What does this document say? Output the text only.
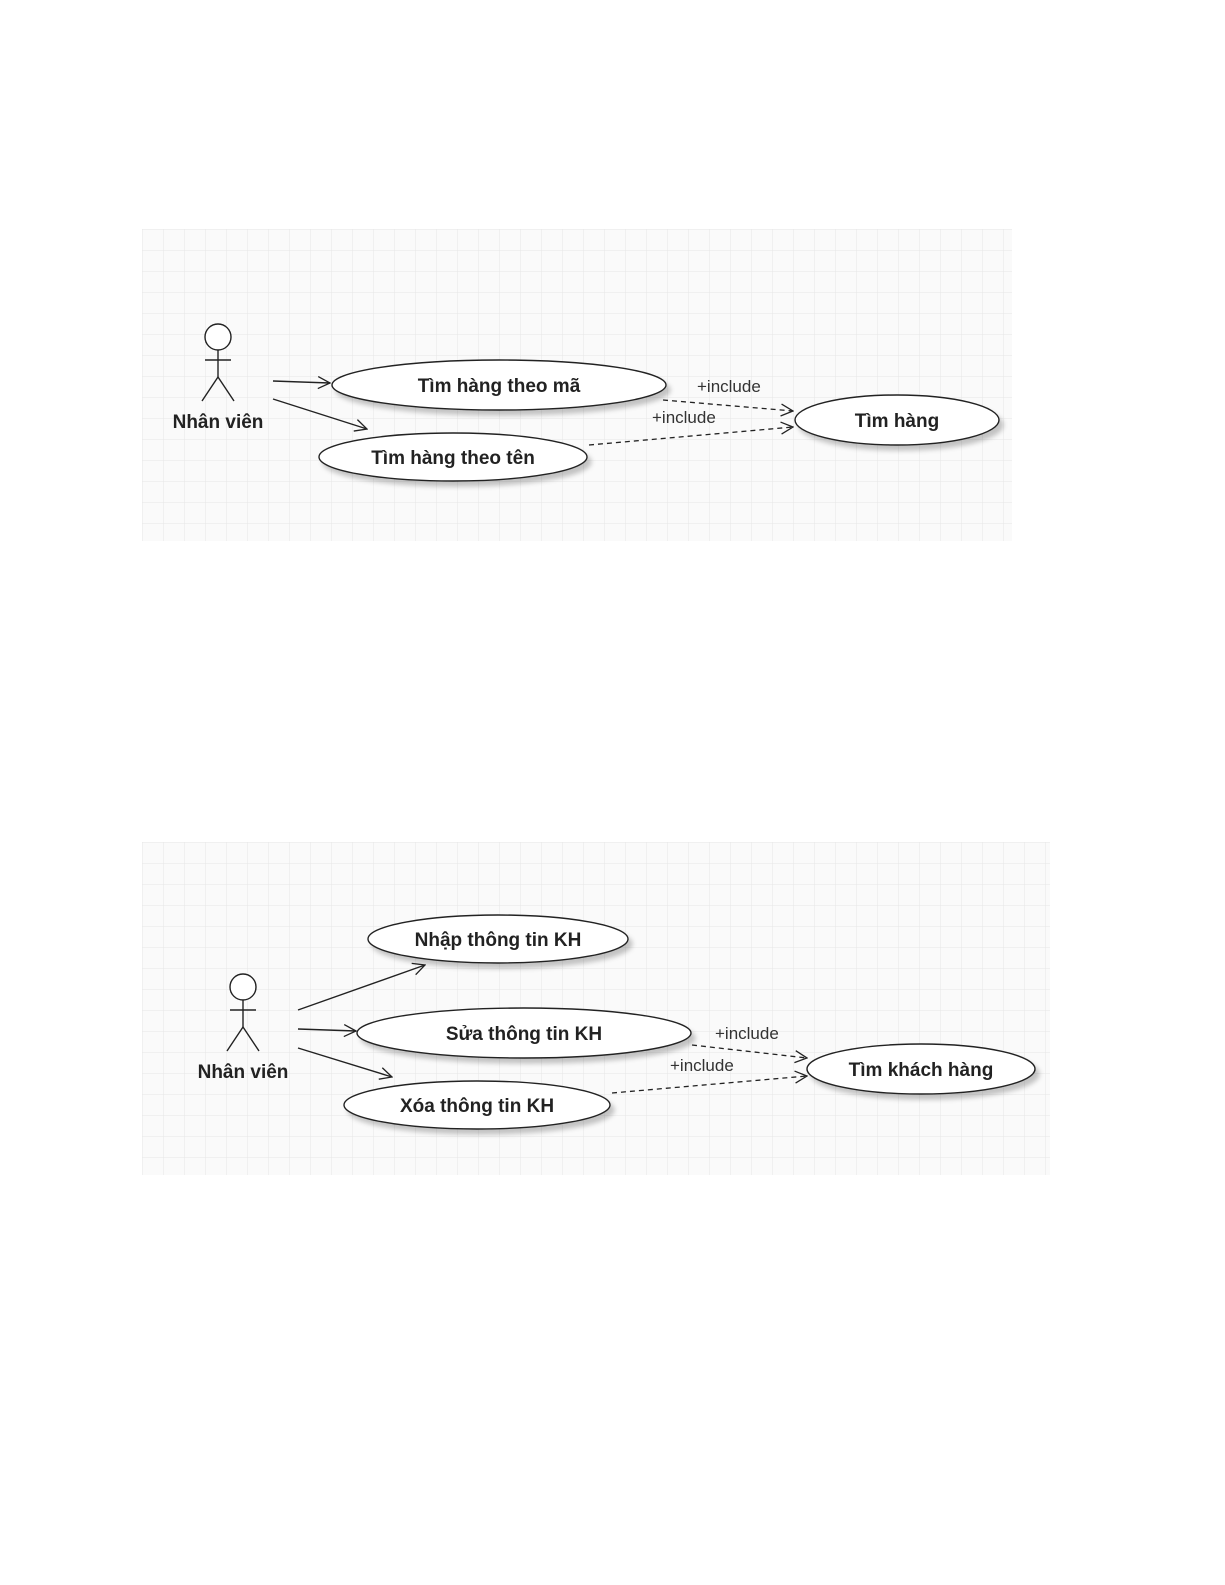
Nhân viên
+include
+include
Tìm hàng theo mã
Tìm hàng theo tên
Tìm hàng
Nhân viên
+include
+include
Nhập thông tin KH
Sửa thông tin KH
Xóa thông tin KH
Tìm khách hàng
